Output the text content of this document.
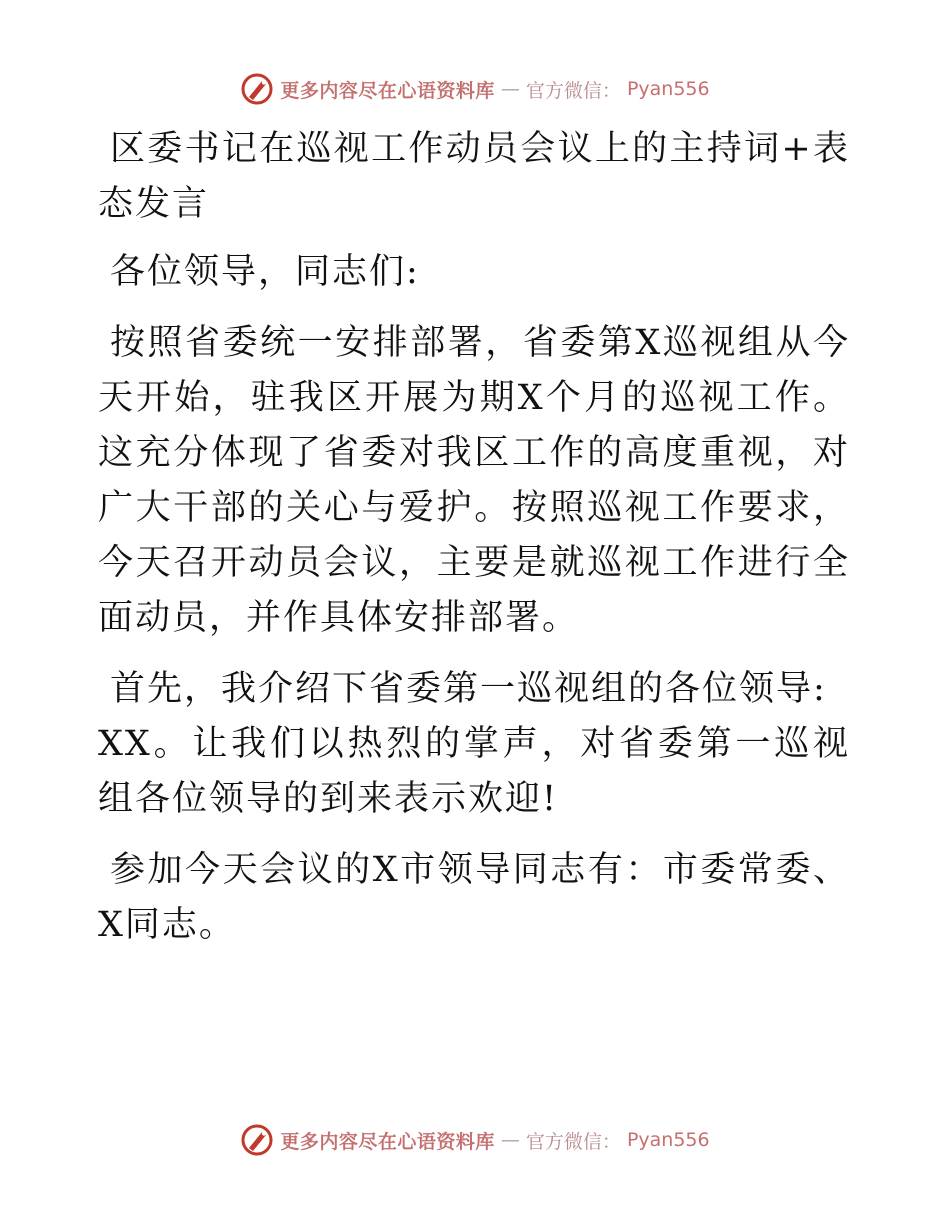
更多内容尽在心语资料库 — 官方微信： Pyan556

区委书记在巡视工作动员会议上的主持词+表态发言

各位领导，同志们:

按照省委统一安排部署，省委第X巡视组从今天开始，驻我区开展为期X个月的巡视工作。这充分体现了省委对我区工作的高度重视，对广大干部的关心与爱护。按照巡视工作要求，今天召开动员会议，主要是就巡视工作进行全面动员，并作具体安排部署。

首先，我介绍下省委第一巡视组的各位领导:

XX。让我们以热烈的掌声，对省委第一巡视组各位领导的到来表示欢迎!

参加今天会议的X市领导同志有：市委常委、X同志。

更多内容尽在心语资料库 — 官方微信： Pyan556
